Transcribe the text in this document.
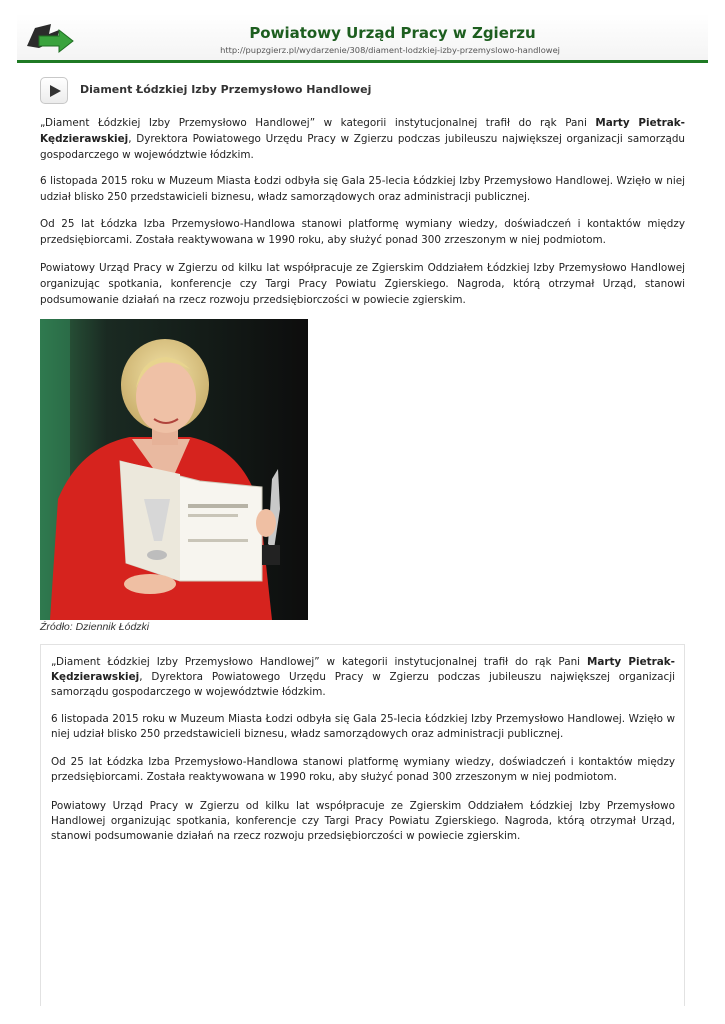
Powiatowy Urząd Pracy w Zgierzu
http://pupzgierz.pl/wydarzenie/308/diament-lodzkiej-izby-przemyslowo-handlowej
Diament Łódzkiej Izby Przemysłowo Handlowej
„Diament Łódzkiej Izby Przemysłowo Handlowej” w kategorii instytucjonalnej trafił do rąk Pani Marty Pietrak-Kędzierawskiej, Dyrektora Powiatowego Urzędu Pracy w Zgierzu podczas jubileuszu największej organizacji samorządu gospodarczego w województwie łódzkim.
6 listopada 2015 roku w Muzeum Miasta Łodzi odbyła się Gala 25-lecia Łódzkiej Izby Przemysłowo Handlowej. Wzięło w niej udział blisko 250 przedstawicieli biznesu, władz samorządowych oraz administracji publicznej.
Od 25 lat Łódzka Izba Przemysłowo-Handlowa stanowi platformę wymiany wiedzy, doświadczeń i kontaktów między przedsiębiorcami. Została reaktywowana w 1990 roku, aby służyć ponad 300 zrzeszonym w niej podmiotom.
Powiatowy Urząd Pracy w Zgierzu od kilku lat współpracuje ze Zgierskim Oddziałem Łódzkiej Izby Przemysłowo Handlowej organizując spotkania, konferencje czy Targi Pracy Powiatu Zgierskiego. Nagroda, którą otrzymał Urząd, stanowi podsumowanie działań na rzecz rozwoju przedsiębiorczości w powiecie zgierskim.
Źródło: Dziennik Łódzki
„Diament Łódzkiej Izby Przemysłowo Handlowej” w kategorii instytucjonalnej trafił do rąk Pani Marty Pietrak-Kędzierawskiej, Dyrektora Powiatowego Urzędu Pracy w Zgierzu podczas jubileuszu największej organizacji samorządu gospodarczego w województwie łódzkim.
6 listopada 2015 roku w Muzeum Miasta Łodzi odbyła się Gala 25-lecia Łódzkiej Izby Przemysłowo Handlowej. Wzięło w niej udział blisko 250 przedstawicieli biznesu, władz samorządowych oraz administracji publicznej.
Od 25 lat Łódzka Izba Przemysłowo-Handlowa stanowi platformę wymiany wiedzy, doświadczeń i kontaktów między przedsiębiorcami. Została reaktywowana w 1990 roku, aby służyć ponad 300 zrzeszonym w niej podmiotom.
Powiatowy Urząd Pracy w Zgierzu od kilku lat współpracuje ze Zgierskim Oddziałem Łódzkiej Izby Przemysłowo Handlowej organizując spotkania, konferencje czy Targi Pracy Powiatu Zgierskiego. Nagroda, którą otrzymał Urząd, stanowi podsumowanie działań na rzecz rozwoju przedsiębiorczości w powiecie zgierskim.
